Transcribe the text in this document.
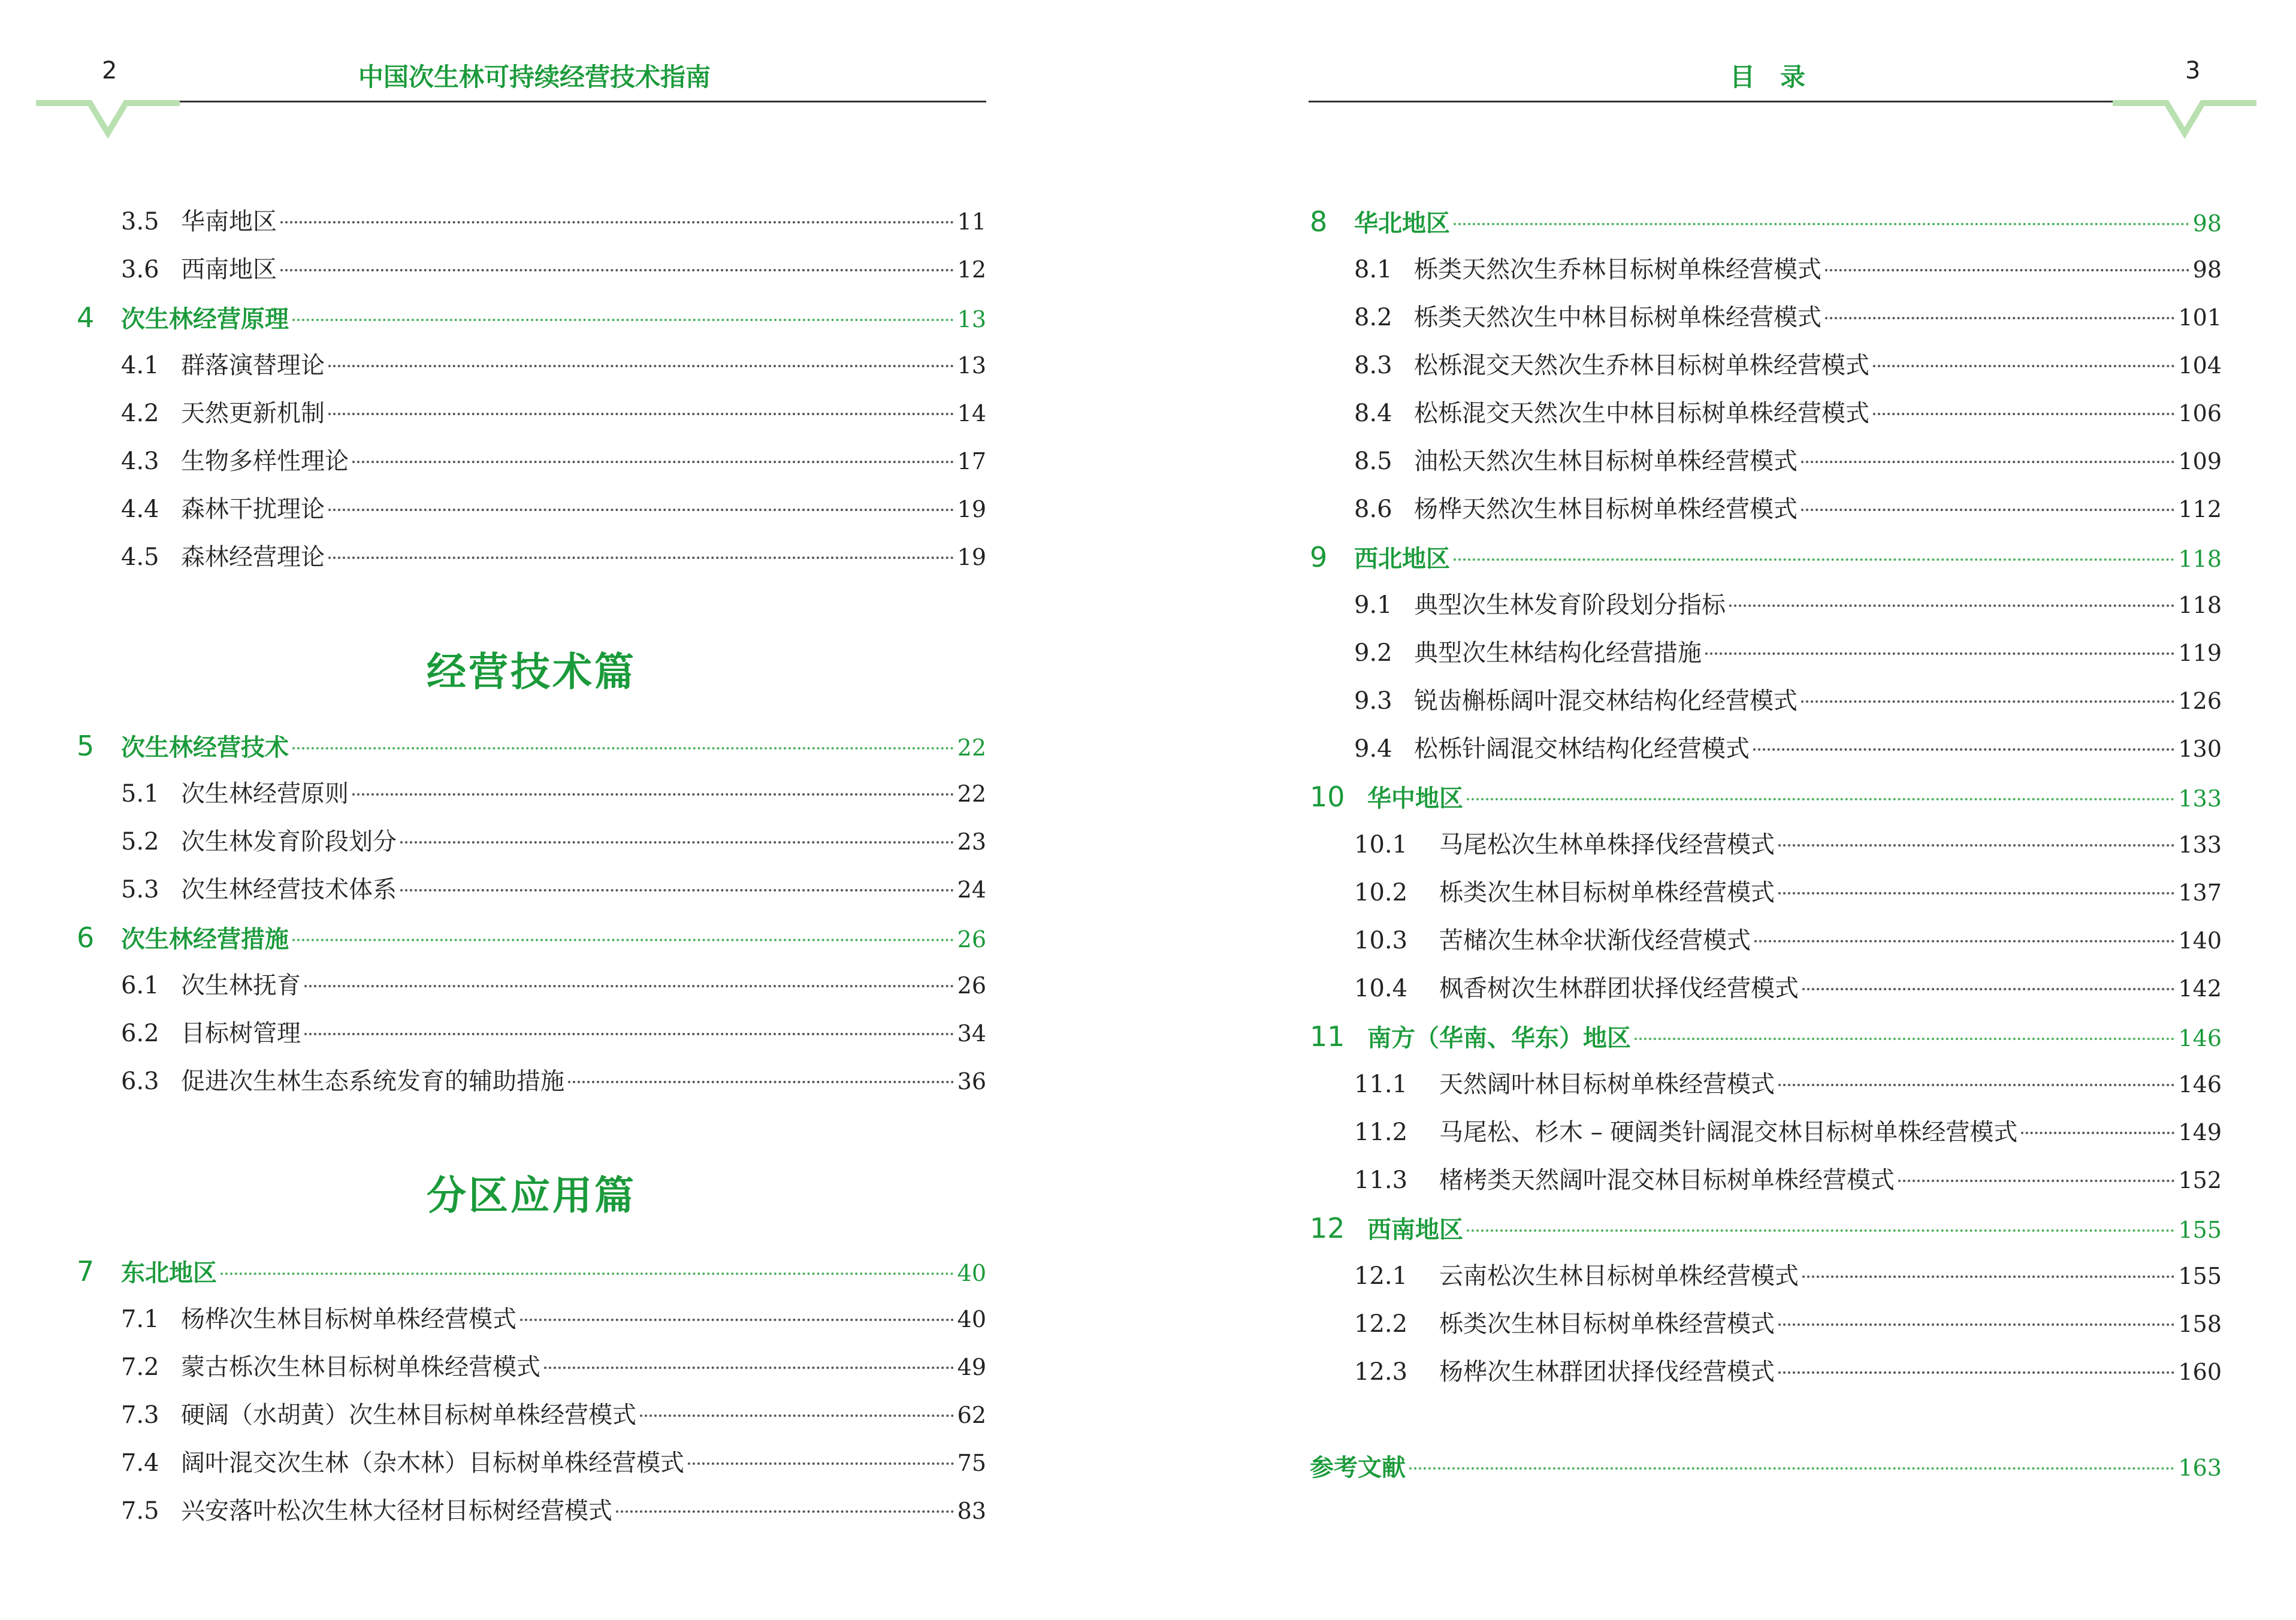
2	中国次生林可持续经营技术指南
3.5 华南地区	11
3.6 西南地区	12
4	次生林经营原理	13
4.1 群落演替理论	13
4.2 天然更新机制	14
4.3 生物多样性理论	17
4.4 森林干扰理论	19
4.5 森林经营理论	19
经营技术篇
5	次生林经营技术	22
5.1 次生林经营原则	22
5.2 次生林发育阶段划分	23
5.3 次生林经营技术体系	24
6	次生林经营措施	26
6.1 次生林抚育	26
6.2 目标树管理	34
6.3 促进次生林生态系统发育的辅助措施	36
分区应用篇
7	东北地区	40
7.1 杨桦次生林目标树单株经营模式	40
7.2 蒙古栎次生林目标树单株经营模式	49
7.3 硬阔（水胡黄）次生林目标树单株经营模式	62
7.4 阔叶混交次生林（杂木林）目标树单株经营模式	75
7.5 兴安落叶松次生林大径材目标树经营模式	83
目　录	3
8	华北地区	98
8.1 栎类天然次生乔林目标树单株经营模式	98
8.2 栎类天然次生中林目标树单株经营模式	101
8.3 松栎混交天然次生乔林目标树单株经营模式	104
8.4 松栎混交天然次生中林目标树单株经营模式	106
8.5 油松天然次生林目标树单株经营模式	109
8.6 杨桦天然次生林目标树单株经营模式	112
9	西北地区	118
9.1 典型次生林发育阶段划分指标	118
9.2 典型次生林结构化经营措施	119
9.3 锐齿槲栎阔叶混交林结构化经营模式	126
9.4 松栎针阔混交林结构化经营模式	130
10 华中地区	133
10.1	马尾松次生林单株择伐经营模式	133
10.2	栎类次生林目标树单株经营模式	137
10.3	苦槠次生林伞状渐伐经营模式	140
10.4	枫香树次生林群团状择伐经营模式	142
11 南方（华南、华东）地区	146
11.1	天然阔叶林目标树单株经营模式	146
11.2	马尾松、杉木 – 硬阔类针阔混交林目标树单株经营模式	149
11.3	楮栲类天然阔叶混交林目标树单株经营模式	152
12 西南地区	155
12.1	云南松次生林目标树单株经营模式	155
12.2	栎类次生林目标树单株经营模式	158
12.3	杨桦次生林群团状择伐经营模式	160
参考文献	163
